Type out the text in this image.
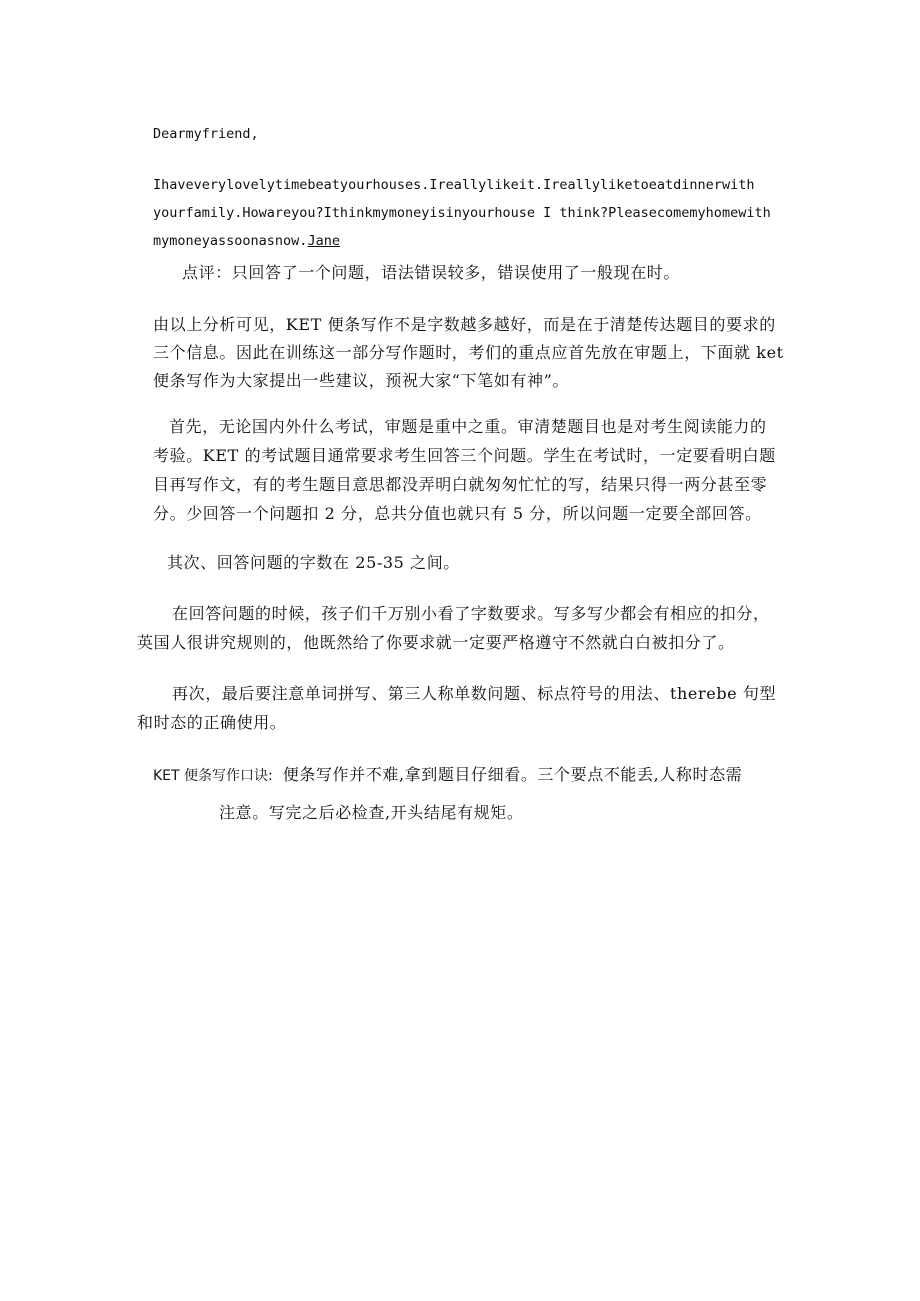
Dearmyfriend,

Ihaveverylovelytimebeatyourhouses.Ireallylikeit.Ireallyliketoeatdinnerwith

yourfamily.Howareyou?Ithinkmymoneyisinyourhouse I think?Pleasecomemyhomewith

mymoneyassoonasnow.Jane

点评：只回答了一个问题，语法错误较多，错误使用了一般现在时。

由以上分析可见，KET 便条写作不是字数越多越好，而是在于清楚传达题目的要求的

三个信息。因此在训练这一部分写作题时，考们的重点应首先放在审题上，下面就 ket

便条写作为大家提出一些建议，预祝大家“下笔如有神”。

首先，无论国内外什么考试，审题是重中之重。审清楚题目也是对考生阅读能力的

考验。KET 的考试题目通常要求考生回答三个问题。学生在考试时，一定要看明白题

目再写作文，有的考生题目意思都没弄明白就匆匆忙忙的写，结果只得一两分甚至零

分。少回答一个问题扣 2 分，总共分值也就只有 5 分，所以问题一定要全部回答。

其次、回答问题的字数在 25-35 之间。

在回答问题的时候，孩子们千万别小看了字数要求。写多写少都会有相应的扣分，

英国人很讲究规则的，他既然给了你要求就一定要严格遵守不然就白白被扣分了。

再次，最后要注意单词拼写、第三人称单数问题、标点符号的用法、therebe 句型

和时态的正确使用。

KET 便条写作口诀: 便条写作并不难,拿到题目仔细看。三个要点不能丢,人称时态需

注意。写完之后必检查,开头结尾有规矩。
